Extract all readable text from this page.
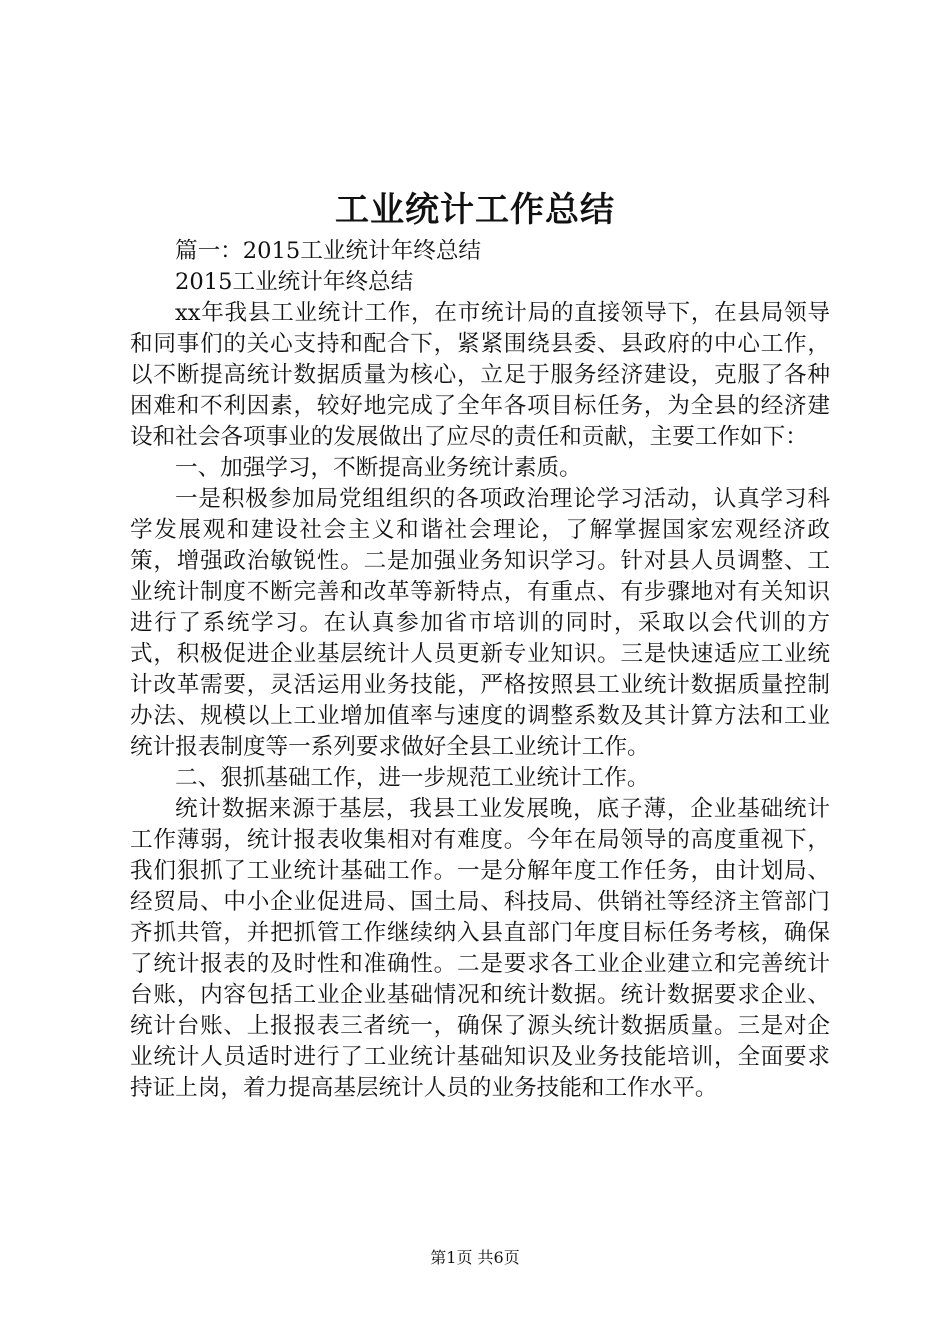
工业统计工作总结

篇一：2015工业统计年终总结

2015工业统计年终总结

xx年我县工业统计工作，在市统计局的直接领导下，在县局领导和同事们的关心支持和配合下，紧紧围绕县委、县政府的中心工作，以不断提高统计数据质量为核心，立足于服务经济建设，克服了各种困难和不利因素，较好地完成了全年各项目标任务，为全县的经济建设和社会各项事业的发展做出了应尽的责任和贡献，主要工作如下：

一、加强学习，不断提高业务统计素质。

一是积极参加局党组组织的各项政治理论学习活动，认真学习科学发展观和建设社会主义和谐社会理论，了解掌握国家宏观经济政策，增强政治敏锐性。二是加强业务知识学习。针对县人员调整、工业统计制度不断完善和改革等新特点，有重点、有步骤地对有关知识进行了系统学习。在认真参加省市培训的同时，采取以会代训的方式，积极促进企业基层统计人员更新专业知识。三是快速适应工业统计改革需要，灵活运用业务技能，严格按照县工业统计数据质量控制办法、规模以上工业增加值率与速度的调整系数及其计算方法和工业统计报表制度等一系列要求做好全县工业统计工作。

二、狠抓基础工作，进一步规范工业统计工作。

统计数据来源于基层，我县工业发展晚，底子薄，企业基础统计工作薄弱，统计报表收集相对有难度。今年在局领导的高度重视下，我们狠抓了工业统计基础工作。一是分解年度工作任务，由计划局、经贸局、中小企业促进局、国土局、科技局、供销社等经济主管部门齐抓共管，并把抓管工作继续纳入县直部门年度目标任务考核，确保了统计报表的及时性和准确性。二是要求各工业企业建立和完善统计台账，内容包括工业企业基础情况和统计数据。统计数据要求企业、统计台账、上报报表三者统一，确保了源头统计数据质量。三是对企业统计人员适时进行了工业统计基础知识及业务技能培训，全面要求持证上岗，着力提高基层统计人员的业务技能和工作水平。

第1页 共6页
